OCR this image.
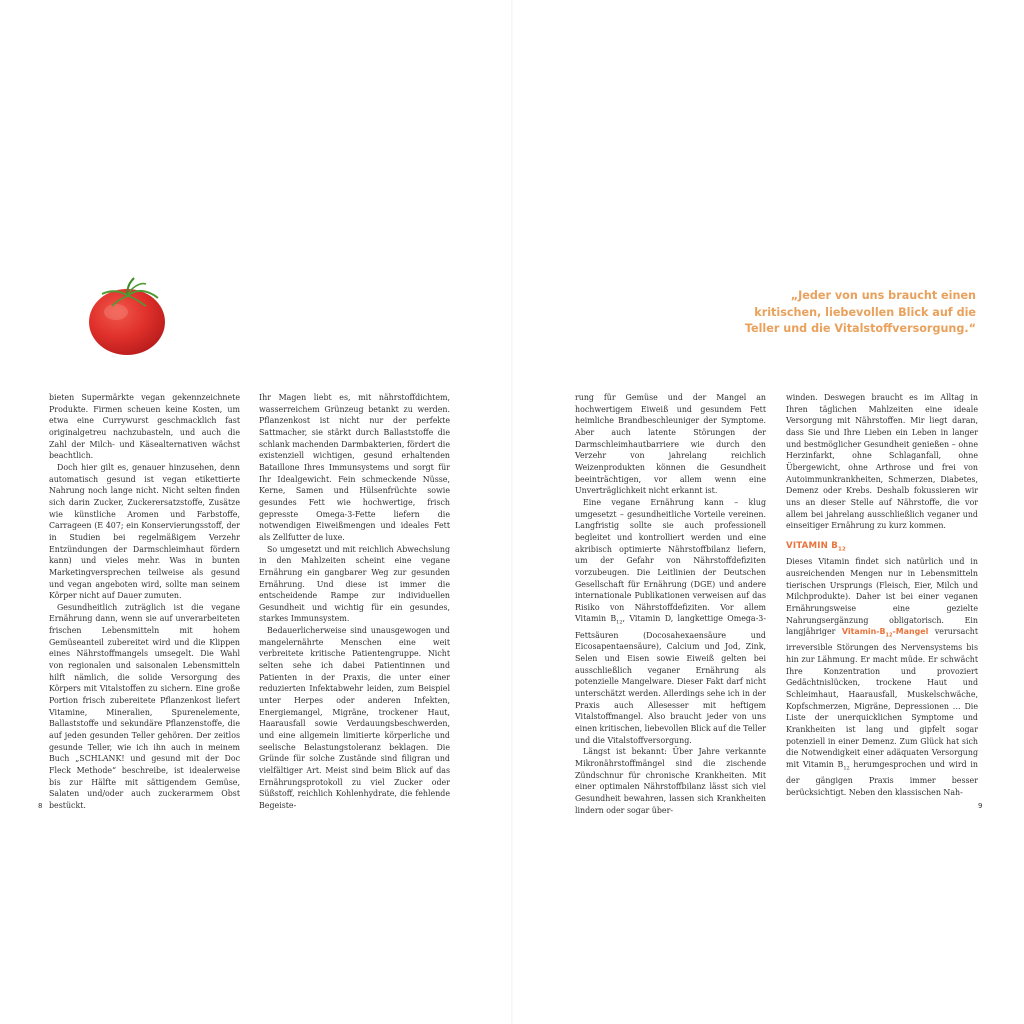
„Jeder von uns braucht einen
kritischen, liebevollen Blick auf die
Teller und die Vitalstoffversorgung.“

bieten Supermärkte vegan gekennzeichnete Produkte. Firmen scheuen keine Kosten, um etwa eine Currywurst geschmacklich fast originalgetreu nachzubasteln, und auch die Zahl der Milch- und Käsealternativen wächst beachtlich.

Doch hier gilt es, genauer hinzusehen, denn automatisch gesund ist vegan etikettierte Nahrung noch lange nicht. Nicht selten finden sich darin Zucker, Zuckerersatzstoffe, Zusätze wie künstliche Aromen und Farbstoffe, Carrageen (E 407; ein Konservierungsstoff, der in Studien bei regelmäßigem Verzehr Entzündungen der Darmschleimhaut fördern kann) und vieles mehr. Was in bunten Marketingversprechen teilweise als gesund und vegan angeboten wird, sollte man seinem Körper nicht auf Dauer zumuten.

Gesundheitlich zuträglich ist die vegane Ernährung dann, wenn sie auf unverarbeiteten frischen Lebensmitteln mit hohem Gemüseanteil zubereitet wird und die Klippen eines Nährstoffmangels umsegelt. Die Wahl von regionalen und saisonalen Lebensmitteln hilft nämlich, die solide Versorgung des Körpers mit Vitalstoffen zu sichern. Eine große Portion frisch zubereitete Pflanzenkost liefert Vitamine, Mineralien, Spurenelemente, Ballaststoffe und sekundäre Pflanzenstoffe, die auf jeden gesunden Teller gehören. Der zeitlos gesunde Teller, wie ich ihn auch in meinem Buch „SCHLANK! und gesund mit der Doc Fleck Methode“ beschreibe, ist idealerweise bis zur Hälfte mit sättigendem Gemüse, Salaten und/oder auch zuckerarmem Obst bestückt.

Ihr Magen liebt es, mit nährstoffdichtem, wasserreichem Grünzeug betankt zu werden. Pflanzenkost ist nicht nur der perfekte Sattmacher, sie stärkt durch Ballaststoffe die schlank machenden Darmbakterien, fördert die existenziell wichtigen, gesund erhaltenden Bataillone Ihres Immunsystems und sorgt für Ihr Idealgewicht. Fein schmeckende Nüsse, Kerne, Samen und Hülsenfrüchte sowie gesundes Fett wie hochwertige, frisch gepresste Omega-3-Fette liefern die notwendigen Eiweißmengen und ideales Fett als Zellfutter de luxe.

So umgesetzt und mit reichlich Abwechslung in den Mahlzeiten scheint eine vegane Ernährung ein gangbarer Weg zur gesunden Ernährung. Und diese ist immer die entscheidende Rampe zur individuellen Gesundheit und wichtig für ein gesundes, starkes Immunsystem.

Bedauerlicherweise sind unausgewogen und mangelernährte Menschen eine weit verbreitete kritische Patientengruppe. Nicht selten sehe ich dabei Patientinnen und Patienten in der Praxis, die unter einer reduzierten Infektabwehr leiden, zum Beispiel unter Herpes oder anderen Infekten, Energiemangel, Migräne, trockener Haut, Haarausfall sowie Verdauungsbeschwerden, und eine allgemein limitierte körperliche und seelische Belastungstoleranz beklagen. Die Gründe für solche Zustände sind filigran und vielfältiger Art. Meist sind beim Blick auf das Ernährungsprotokoll zu viel Zucker oder Süßstoff, reichlich Kohlenhydrate, die fehlende Begeiste-

rung für Gemüse und der Mangel an hochwertigem Eiweiß und gesundem Fett heimliche Brandbeschleuniger der Symptome. Aber auch latente Störungen der Darmschleimhautbarriere wie durch den Verzehr von jahrelang reichlich Weizenprodukten können die Gesundheit beeinträchtigen, vor allem wenn eine Unverträglichkeit nicht erkannt ist.

Eine vegane Ernährung kann – klug umgesetzt – gesundheitliche Vorteile vereinen. Langfristig sollte sie auch professionell begleitet und kontrolliert werden und eine akribisch optimierte Nährstoffbilanz liefern, um der Gefahr von Nährstoffdefiziten vorzubeugen. Die Leitlinien der Deutschen Gesellschaft für Ernährung (DGE) und andere internationale Publikationen verweisen auf das Risiko von Nährstoffdefiziten. Vor allem Vitamin $B_{12}$, Vitamin D, langkettige Omega-3-Fettsäuren (Docosahexaensäure und Eicosapentaensäure), Calcium und Jod, Zink, Selen und Eisen sowie Eiweiß gelten bei ausschließlich veganer Ernährung als potenzielle Mangelware. Dieser Fakt darf nicht unterschätzt werden. Allerdings sehe ich in der Praxis auch Allesesser mit heftigem Vitalstoffmangel. Also braucht jeder von uns einen kritischen, liebevollen Blick auf die Teller und die Vitalstoffversorgung.

Längst ist bekannt: Über Jahre verkannte Mikronährstoffmängel sind die zischende Zündschnur für chronische Krankheiten. Mit einer optimalen Nährstoffbilanz lässt sich viel Gesundheit bewahren, lassen sich Krankheiten lindern oder sogar über-

winden. Deswegen braucht es im Alltag in Ihren täglichen Mahlzeiten eine ideale Versorgung mit Nährstoffen. Mir liegt daran, dass Sie und Ihre Lieben ein Leben in langer und bestmöglicher Gesundheit genießen – ohne Herzinfarkt, ohne Schlaganfall, ohne Übergewicht, ohne Arthrose und frei von Autoimmunkrankheiten, Schmerzen, Diabetes, Demenz oder Krebs. Deshalb fokussieren wir uns an dieser Stelle auf Nährstoffe, die vor allem bei jahrelang ausschließlich veganer und einseitiger Ernährung zu kurz kommen.

VITAMIN $B_{12}$

Dieses Vitamin findet sich natürlich und in ausreichenden Mengen nur in Lebensmitteln tierischen Ursprungs (Fleisch, Eier, Milch und Milchprodukte). Daher ist bei einer veganen Ernährungsweise eine gezielte Nahrungsergänzung obligatorisch. Ein langjähriger Vitamin-$B_{12}$-Mangel verursacht irreversible Störungen des Nervensystems bis hin zur Lähmung. Er macht müde. Er schwächt Ihre Konzentration und provoziert Gedächtnislücken, trockene Haut und Schleimhaut, Haarausfall, Muskelschwäche, Kopfschmerzen, Migräne, Depressionen … Die Liste der unerquicklichen Symptome und Krankheiten ist lang und gipfelt sogar potenziell in einer Demenz. Zum Glück hat sich die Notwendigkeit einer adäquaten Versorgung mit Vitamin $B_{12}$ herumgesprochen und wird in der gängigen Praxis immer besser berücksichtigt. Neben den klassischen Nah-

8	9
